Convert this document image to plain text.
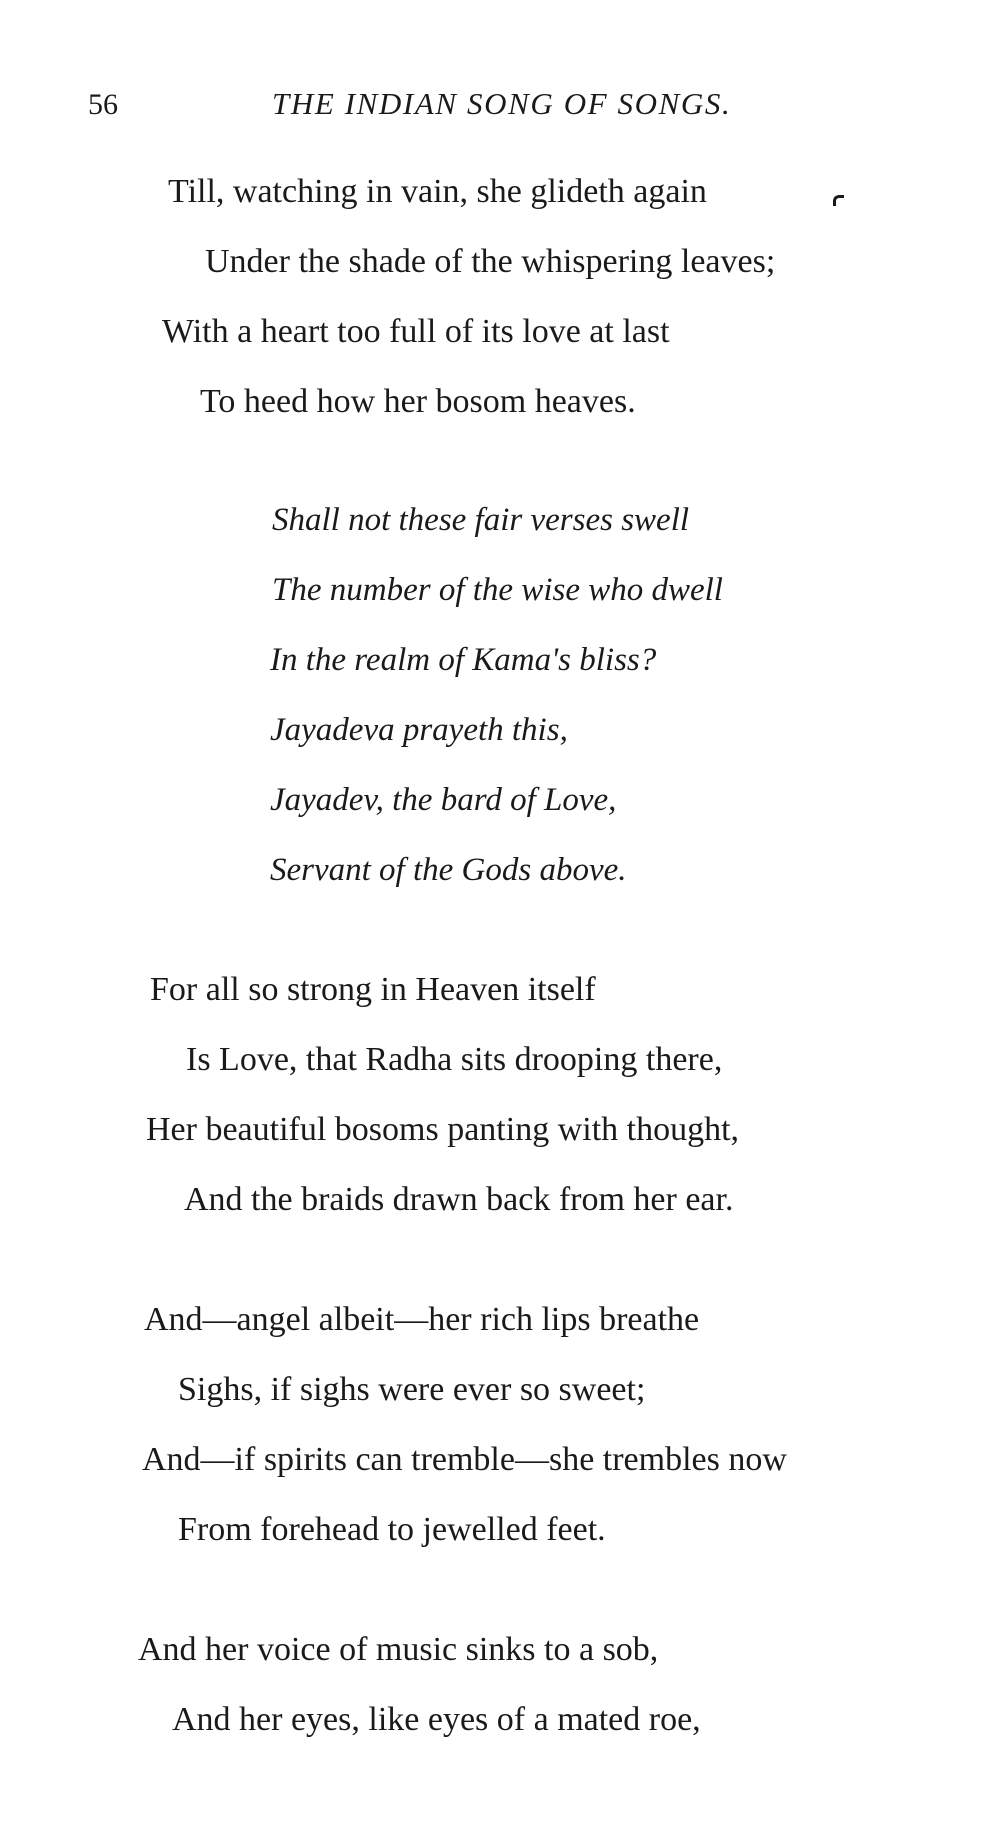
56	THE INDIAN SONG OF SONGS.
Till, watching in vain, she glideth again
Under the shade of the whispering leaves;
With a heart too full of its love at last
To heed how her bosom heaves.
Shall not these fair verses swell
The number of the wise who dwell
In the realm of Kama's bliss?
Jayadeva prayeth this,
Jayadev, the bard of Love,
Servant of the Gods above.
For all so strong in Heaven itself
Is Love, that Radha sits drooping there,
Her beautiful bosoms panting with thought,
And the braids drawn back from her ear.
And—angel albeit—her rich lips breathe
Sighs, if sighs were ever so sweet;
And—if spirits can tremble—she trembles now
From forehead to jewelled feet.
And her voice of music sinks to a sob,
And her eyes, like eyes of a mated roe,
